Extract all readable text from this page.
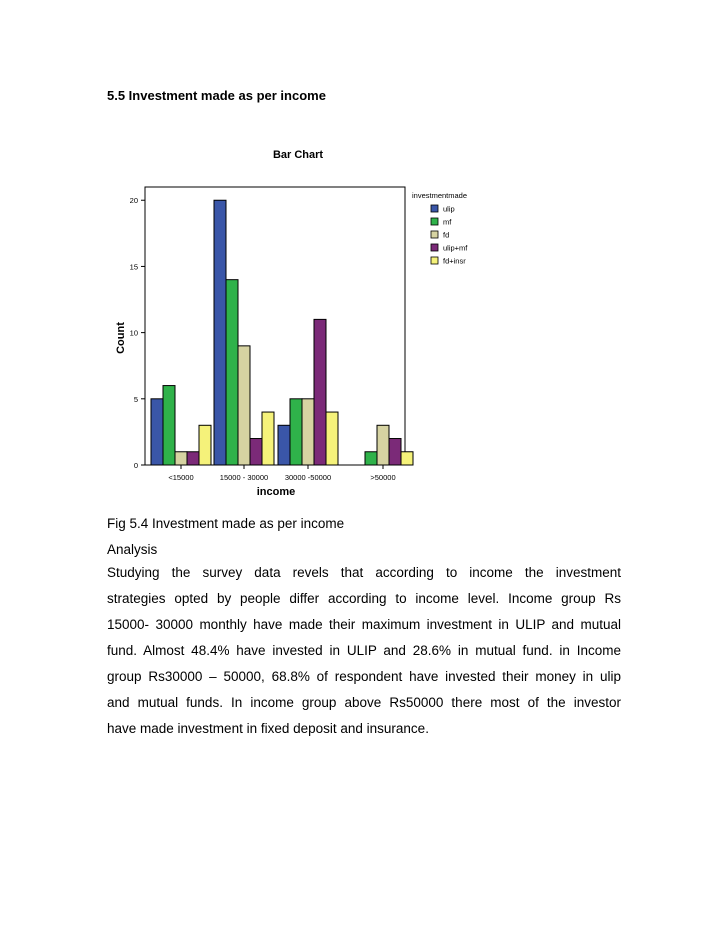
5.5 Investment made as per income
Bar Chart
0
5
10
15
20
Count
<15000	15000 - 30000 30000 -50000	>50000
income
investmentmade
ulip
mf
fd
ulip+mf
fd+insr
Fig 5.4 Investment made as per income
Analysis
Studying the survey data revels that according to income the investment
strategies opted by people differ according to income level. Income group Rs
15000- 30000 monthly have made their maximum investment in ULIP and mutual
fund. Almost 48.4% have invested in ULIP and 28.6% in mutual fund. in Income
group Rs30000 – 50000, 68.8% of respondent have invested their money in ulip
and mutual funds. In income group above Rs50000 there most of the investor
have made investment in fixed deposit and insurance.
